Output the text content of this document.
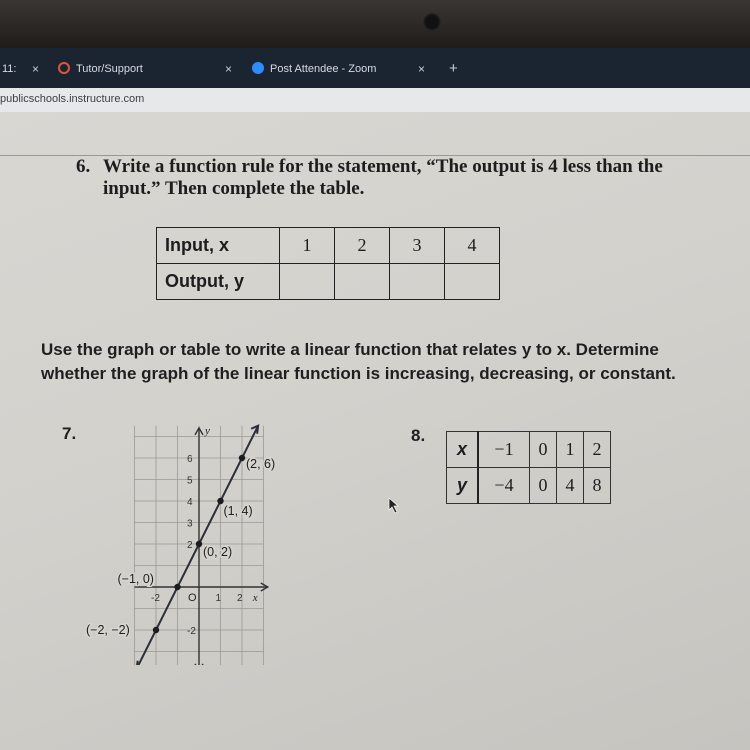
11: ×	Tutor/Support	×	Post Attendee - Zoom	× +
publicschools.instructure.com
6. Write a function rule for the statement, “The output is 4 less than the input.” Then complete the table.
Input, x	1	2	3	4
Output, y				
Use the graph or table to write a linear function that relates y to x. Determine whether the graph of the linear function is increasing, decreasing, or constant.
7.	y
O
6
5
4
3
2
-2
-2	1 2 x
(2, 6)
(1, 4)
(0, 2)
(−1, 0)
(−2, −2)
8.
x	−1	0	1	2
y	−4	0	4	8
